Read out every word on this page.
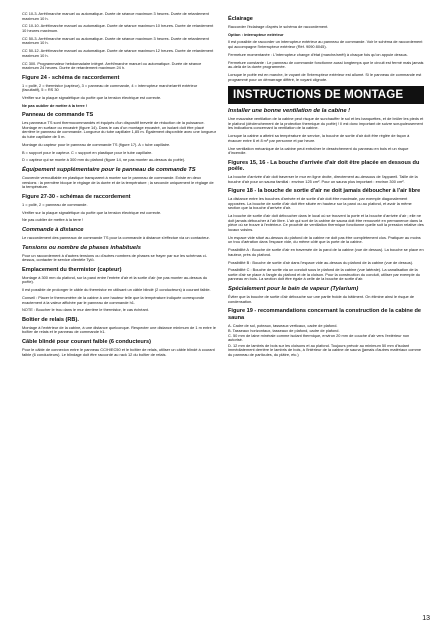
CC 10-3. Arrêt/marche manuel ou automatique. Durée de séance maximum 3 heures. Durée de retardement maximum 10 h.

CC 10-10. Arrêt/marche manuel ou automatique. Durée de séance maximum 10 heures. Durée de retardement 10 heures maximum.

CC 50-3. Arrêt/marche manuel ou automatique. Durée de séance maximum 3 heures. Durée de retardement maximum 10 h.

CC 50-12. Arrêt/marche manuel ou automatique. Durée de séance maximum 12 heures. Durée de retardement maximum 10 h.

CC 300. Programmateur hebdomadaire intégré. Arrêt/marche manuel ou automatique. Durée de séance maximum 24 heures. Durée de retardement maximum 24 h.

Figure 24 - schéma de raccordement

1 = pollé, 2 = thermistor (capteur), 3 = panneau de commande, 4 = interrupteur marche/arrêt extérieur (facultatif), 5 = RS 30

Vérifier sur la plaque signalétique du poêle que la tension électrique est correcte.

Ne pas oublier de mettre à la terre !

Panneau de commande TS

Les panneaux TS sont thermocommandés et équipés d'un dispositif breveté de réduction de la puissance. Montage en surface ou encastré (figure 14). Dans le cas d'un montage encastré, un isolant doit être placé derrière le panneau de commande. Longueur du tube capillaire 1,85 m. Également disponible avec une longueur du tube capillaire de 5 m.

Montage du capteur pour le panneau de commande TS (figure 17). A = tube capillaire.

B = support pour le capteur. C = support en plastique pour le tube capillaire.

D = capteur qui se monte à 300 mm du plafond (figure 14, ne pas monter au-dessus du poêle).

Équipement supplémentaire pour le panneau de commande TS

Couvercle verrouillable en plastique transparent à monter sur le panneau de commande. Existe en deux versions : la première bloque le réglage de la durée et de la température ; la seconde uniquement le réglage de la température.

Figure 27-30 - schémas de raccordement

1 = pollé, 2 = panneau de commande.

Vérifier sur la plaque signalétique du poêle que la tension électrique est correcte.

Ne pas oublier de mettre à la terre !

Commande à distance

Le raccordement des panneaux de commande TS pour la commande à distance s'effectue via un contacteur.

Tensions ou nombre de phases inhabituels

Pour un raccordement à d'autres tensions ou d'autres nombres de phases se frayer par sur les schémas ci-dessus, contacter le service clientèle Tylö.

Emplacement du thermistor (capteur)

Montage à 300 mm du plafond, sur la paroi entre l'entrée d'air et la sortie d'air (ne pas monter au-dessus du poêle).

Il est possible de prolonger le câble du thermistor en utilisant un câble blindé (2 conducteurs) à courant faible.

Conseil : Placer le thermomètre de la cabine à une hauteur telle que la température indiquée corresponde exactement à la valeur affichée par le panneau de commande h1.

NOTE : Boucher le trou dans le mur derrière le thermistor, le cas échéant.

Boîtier de relais (RB).

Montage à l'extérieur de la cabine, à une distance quelconque. Respecter une distance minimum de 1 m entre le boîtier de relais et le panneau de commande h1.

Câble blindé pour courant faible (6 conducteurs)

Pour le câble de connexion entre le panneau CC/H/EC50 et le boîtier de relais, utiliser un câble blindé à courant faible (6 conducteurs). Le blindage doit être raccordé au rack 12 du boîtier de relais.

Éclairage

Raccorder l'éclairage d'après le schéma de raccordement.

Option : interrupteur extérieur

Il est possible de raccorder un interrupteur extérieur au panneau de commande. Voir le schéma de raccordement qui accompagne l'interrupteur extérieur (Réf. 9090 8045).

Fermeture momentanée : L'interrupteur change d'état (marche/arrêt) à chaque fois qu'on appuie dessus.

Fermeture constante : Le panneau de commande fonctionne aussi longtemps que le circuit est fermé mais jamais au-delà de la durée programmée.

Lorsque le poêle est en marche, le voyant de l'interrupteur extérieur est allumé. Si le panneau de commande est programmé pour un démarrage différé, le voyant clignote.

INSTRUCTIONS DE MONTAGE
Installer une bonne ventilation de la cabine !

Une mauvaise ventilation de la cabine peut risque de surchauffer le sol et les banquettes, et de brûler les pieds et le plafond (déclenchement de la protection thermique du poêle) ! Il est donc important de suivre scrupuleusement les indications concernant la ventilation de la cabine.

Lorsque la cabine a atteint sa température de service, la bouche de sortie d'air doit être réglée de façon à évacuer entre 6 et 8 m³ par personne et par heure.

Une ventilation mécanique de la cabine peut entraîner le dessèchement du panneau en bois et un risque d'incendie.

Figures 15, 16 - La bouche d'arrivée d'air doit être placée en dessous du poêle.

La bouche d'arrivée d'air doit traverser le mur en ligne droite, directement au-dessous de l'appareil. Taille de la bouche d'air pour un sauna familial : environ 125 cm². Pour un sauna plus important : environ 300 cm².

Figure 18 - la bouche de sortie d'air ne doit jamais déboucher à l'air libre

La distance entre les bouches d'arrivée et de sortie d'air doit être maximale, par exemple diagonalement opposées. La bouche de sortie d'air doit être située en hauteur sur la paroi ou au plafond, et avoir la même section que la bouche d'arrivée d'air.

La bouche de sortie d'air doit déboucher dans le local où se trouvent la porte et la bouche d'arrivée d'air ; elle ne doit jamais déboucher à l'air libre. L'air qui sort de la cabine de sauna doit être renouvelé en permanence dans la pièce où se trouve à l'extérieur. Ce procédé de ventilation thermique fonctionne quelle soit la pression relative des locaux voisins.

Un espace vide situé au-dessus du plafond de la cabine ne doit pas être complètement clos. Pratiquer au moins un trou d'aération dans l'espace vide, du même côté que la porte de la cabine.

Possibilité A : Bouche de sortie d'air en traversée de la paroi de la cabine (vue de dessus). La bouche se place en hauteur, près du plafond.

Possibilité B : Bouche de sortie d'air dans l'espace vide au-dessus du plafond de la cabine (vue de dessus).

Possibilité C : Bouche de sortie via un conduit sous le plafond de la cabine (vue latérale). La canalisation de la sortie d'air se place à l'angle du plafond et de la cloison. Pour la construction du conduit, utiliser par exemple du panneau en bois. La section doit être égale à celle de la bouche de sortie d'air.

Spécialement pour le bain de vapeur (Tylarium)

Éviter que la bouche de sortie d'air débouche sur une partie froide du bâtiment. On élimine ainsi le risque de condensation.

Figure 19 - recommandations concernant la construction de la cabine de sauna
A. Cadre de sol, poteaux, tasseaux verticaux, cadre de plafond.
B. Tasseaux horizontaux, tasseaux de plafond, cadre de plafond.
C. 50 mm de laine minérale comme isolant thermique, environ 20 mm de couche d'air vers l'extérieur non autorisé.
D. 12 mm de lambris de bois sur les cloisons et au plafond. Toujours prévoir au minimum 50 mm d'isolant immédiatement derrière le lambris de bois, à l'intérieur de la cabine de sauna (jamais d'autres matériaux comme du panneau de particules, du plâtre, etc.)
13
